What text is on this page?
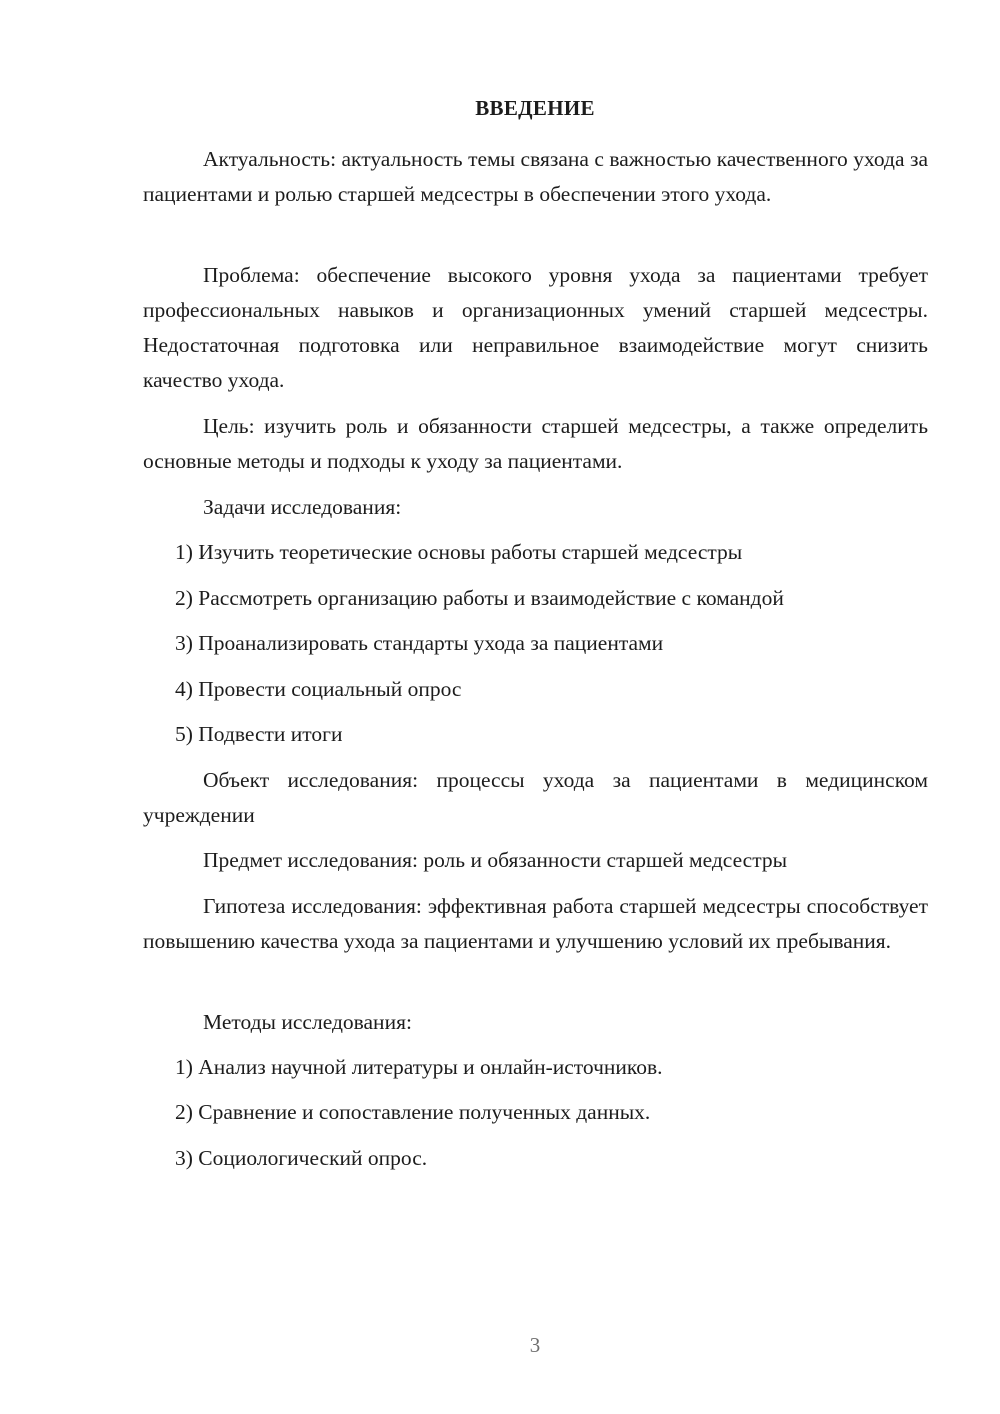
ВВЕДЕНИЕ

Актуальность: актуальность темы связана с важностью качественного ухода за пациентами и ролью старшей медсестры в обеспечении этого ухода.

Проблема: обеспечение высокого уровня ухода за пациентами требует профессиональных навыков и организационных умений старшей медсестры. Недостаточная подготовка или неправильное взаимодействие могут снизить качество ухода.

Цель: изучить роль и обязанности старшей медсестры, а также определить основные методы и подходы к уходу за пациентами.

Задачи исследования:

1) Изучить теоретические основы работы старшей медсестры
2) Рассмотреть организацию работы и взаимодействие с командой
3) Проанализировать стандарты ухода за пациентами
4) Провести социальный опрос
5) Подвести итоги

Объект исследования: процессы ухода за пациентами в медицинском учреждении

Предмет исследования: роль и обязанности старшей медсестры

Гипотеза исследования: эффективная работа старшей медсестры способствует повышению качества ухода за пациентами и улучшению условий их пребывания.

Методы исследования:

1) Анализ научной литературы и онлайн-источников.
2) Сравнение и сопоставление полученных данных.
3) Социологический опрос.
3
